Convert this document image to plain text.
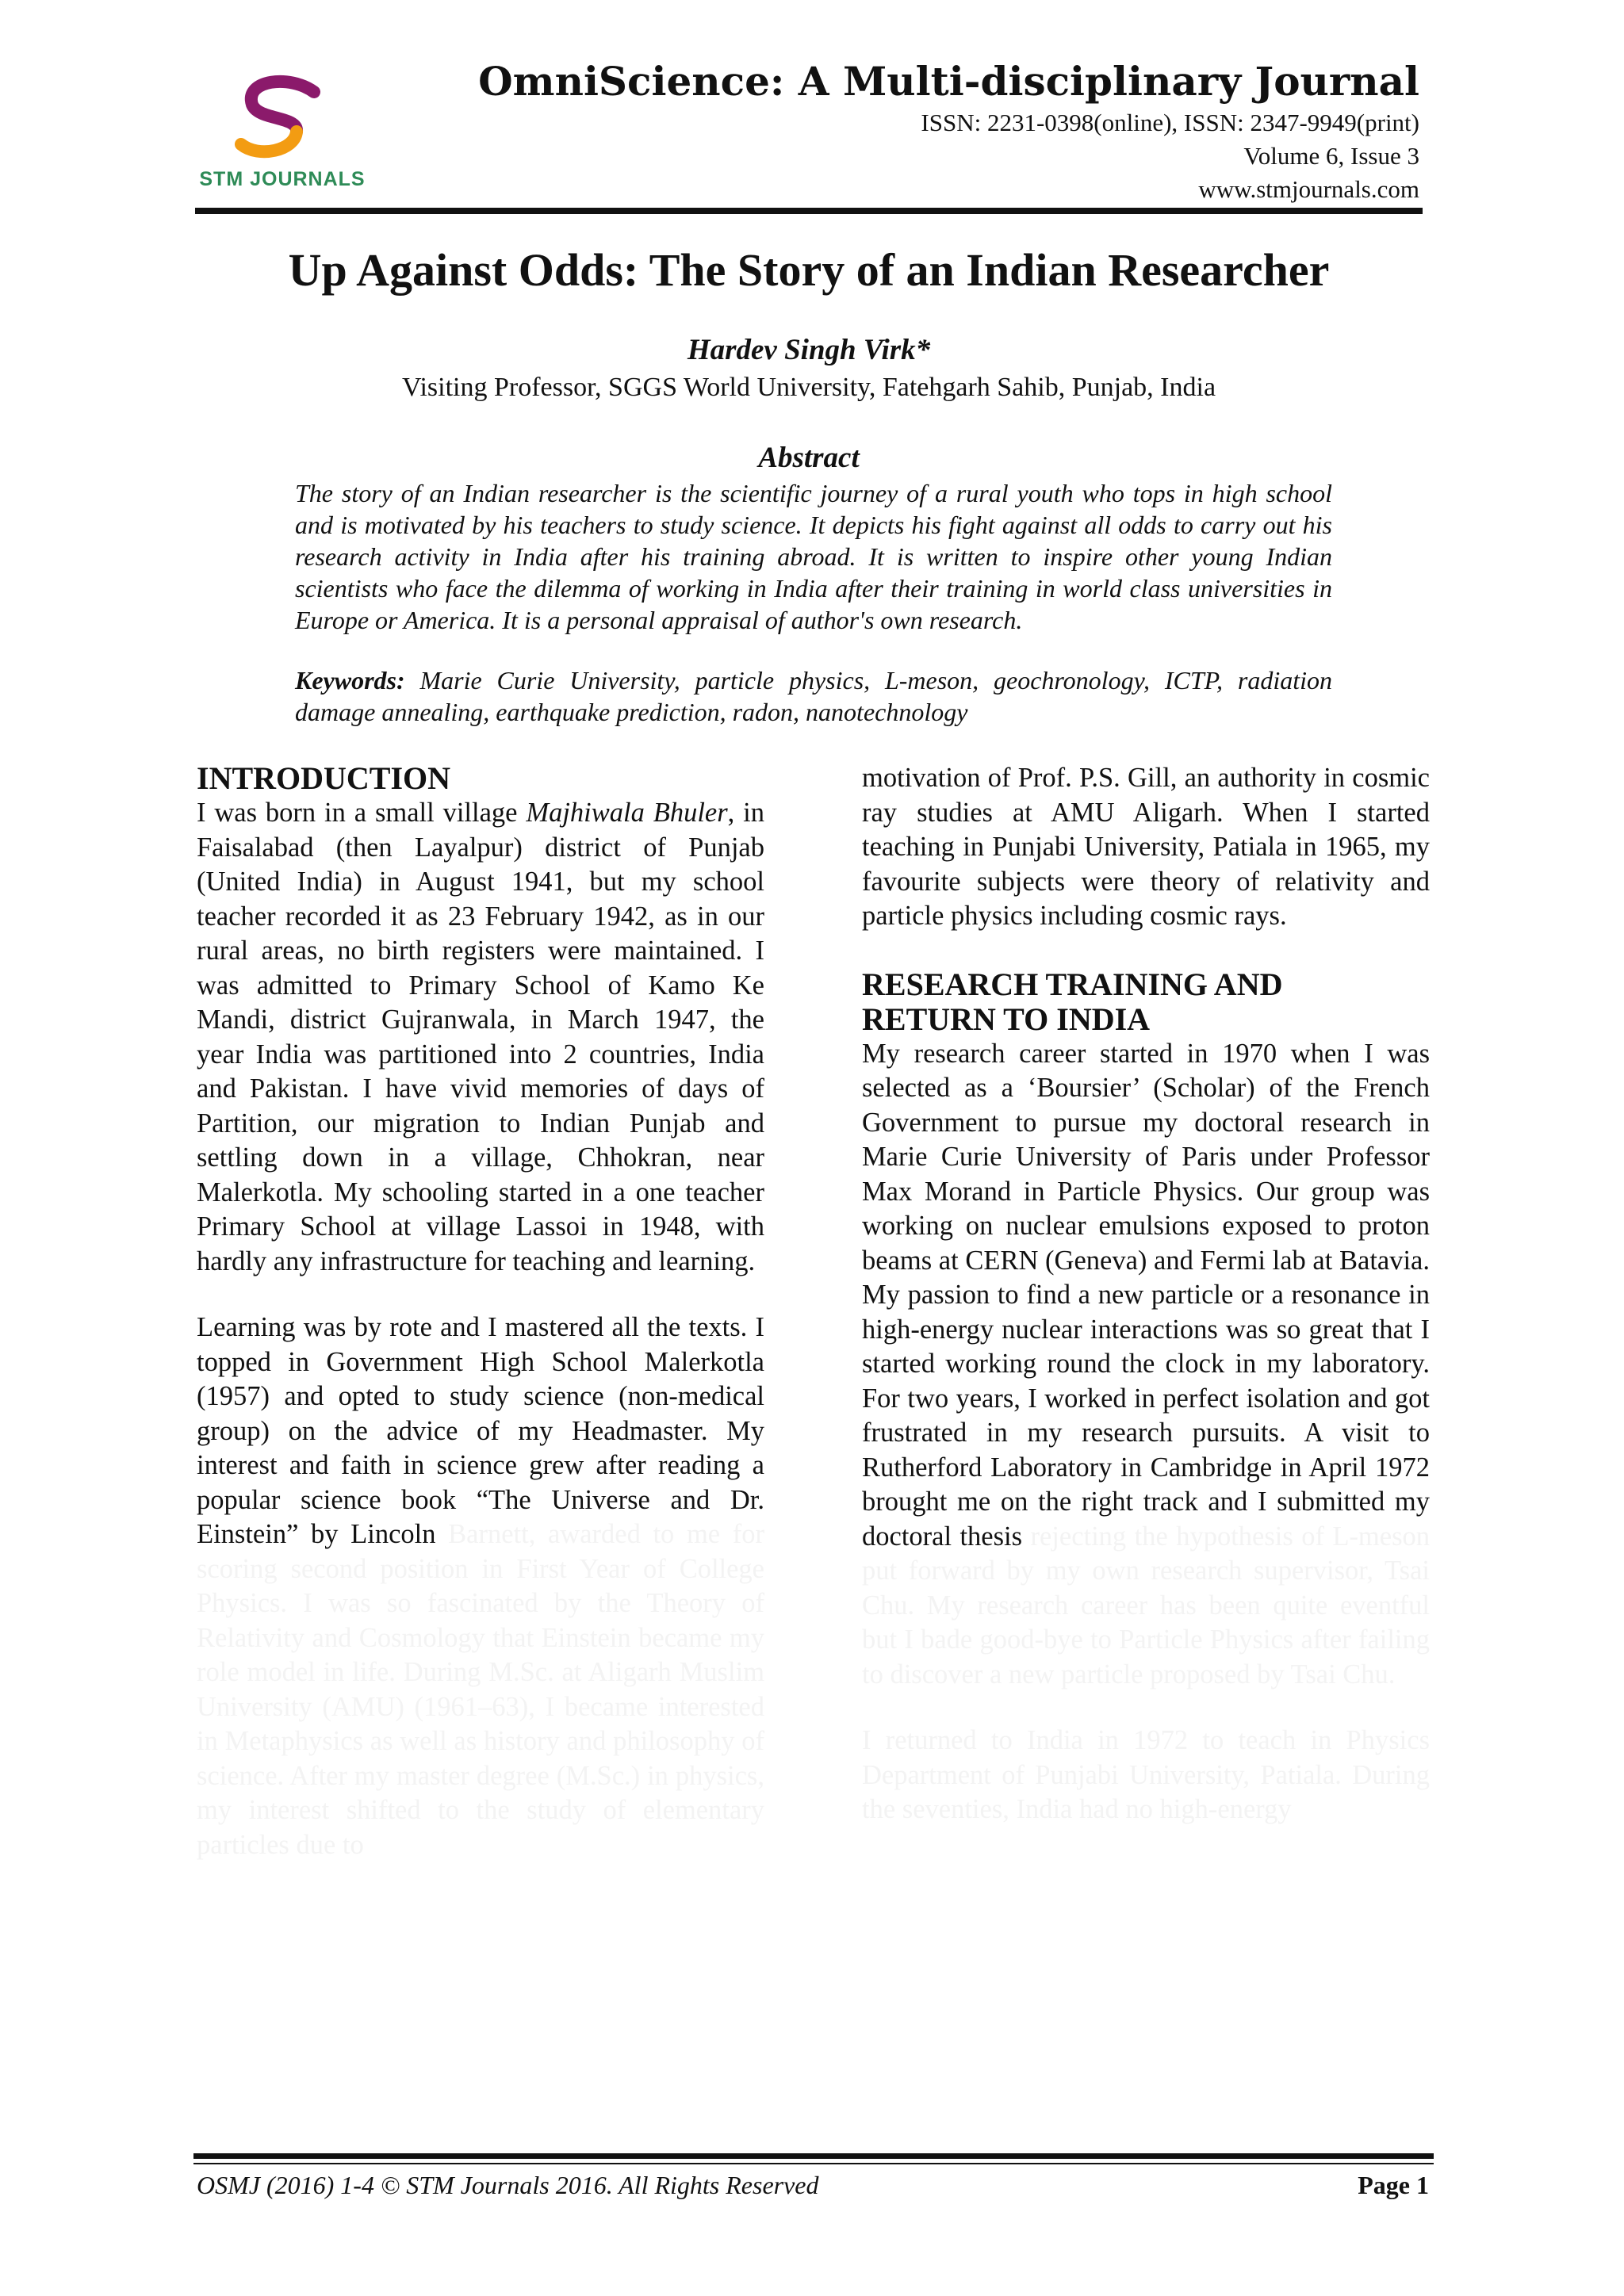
STM JOURNALS
OmniScience: A Multi-disciplinary Journal
ISSN: 2231-0398(online), ISSN: 2347-9949(print)
Volume 6, Issue 3
www.stmjournals.com
Up Against Odds: The Story of an Indian Researcher
Hardev Singh Virk*
Visiting Professor, SGGS World University, Fatehgarh Sahib, Punjab, India
Abstract
The story of an Indian researcher is the scientific journey of a rural youth who tops in high school and is motivated by his teachers to study science. It depicts his fight against all odds to carry out his research activity in India after his training abroad. It is written to inspire other young Indian scientists who face the dilemma of working in India after their training in world class universities in Europe or America. It is a personal appraisal of author's own research.
Keywords: Marie Curie University, particle physics, L-meson, geochronology, ICTP, radiation damage annealing, earthquake prediction, radon, nanotechnology
INTRODUCTION

I was born in a small village Majhiwala Bhuler, in Faisalabad (then Layalpur) district of Punjab (United India) in August 1941, but my school teacher recorded it as 23 February 1942, as in our rural areas, no birth registers were maintained. I was admitted to Primary School of Kamo Ke Mandi, district Gujranwala, in March 1947, the year India was partitioned into 2 countries, India and Pakistan. I have vivid memories of days of Partition, our migration to Indian Punjab and settling down in a village, Chhokran, near Malerkotla. My schooling started in a one teacher Primary School at village Lassoi in 1948, with hardly any infrastructure for teaching and learning.

Learning was by rote and I mastered all the texts. I topped in Government High School Malerkotla (1957) and opted to study science (non-medical group) on the advice of my Headmaster. My interest and faith in science grew after reading a popular science book “The Universe and Dr. Einstein” by Lincoln Barnett, awarded to me for scoring second position in First Year of College Physics. I was so fascinated by the Theory of Relativity and Cosmology that Einstein became my role model in life. During M.Sc. at Aligarh Muslim University (AMU) (1961–63), I became interested in Metaphysics as well as history and philosophy of science. After my master degree (M.Sc.) in physics, my interest shifted to the study of elementary particles due to

motivation of Prof. P.S. Gill, an authority in cosmic ray studies at AMU Aligarh. When I started teaching in Punjabi University, Patiala in 1965, my favourite subjects were theory of relativity and particle physics including cosmic rays.

RESEARCH TRAINING AND
RETURN TO INDIA

My research career started in 1970 when I was selected as a ‘Boursier’ (Scholar) of the French Government to pursue my doctoral research in Marie Curie University of Paris under Professor Max Morand in Particle Physics. Our group was working on nuclear emulsions exposed to proton beams at CERN (Geneva) and Fermi lab at Batavia. My passion to find a new particle or a resonance in high-energy nuclear interactions was so great that I started working round the clock in my laboratory. For two years, I worked in perfect isolation and got frustrated in my research pursuits. A visit to Rutherford Laboratory in Cambridge in April 1972 brought me on the right track and I submitted my doctoral thesis rejecting the hypothesis of L-meson put forward by my own research supervisor, Tsai Chu. My research career has been quite eventful but I bade good-bye to Particle Physics after failing to discover a new particle proposed by Tsai Chu.

I returned to India in 1972 to teach in Physics Department of Punjabi University, Patiala. During the seventies, India had no high-energy

OSMJ (2016) 1-4 © STM Journals 2016. All Rights Reserved	Page 1
